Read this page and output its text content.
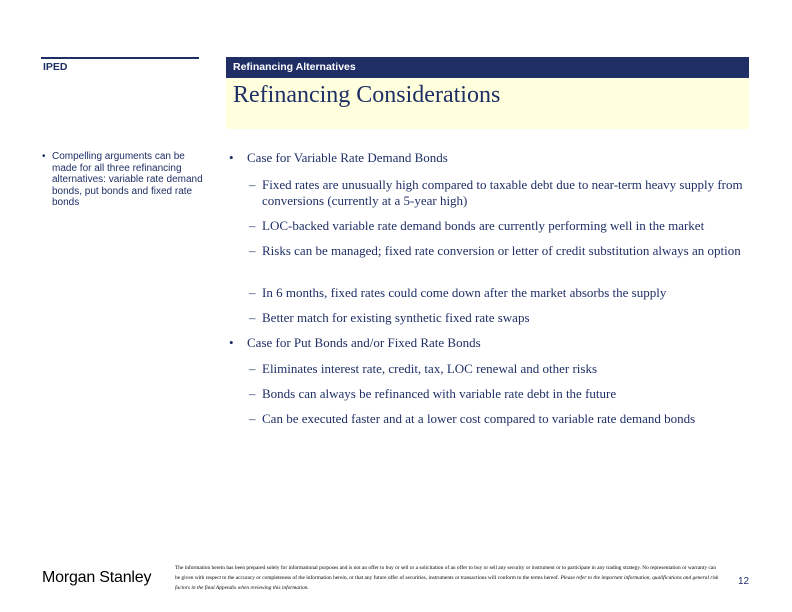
IPED	Refinancing Alternatives
Refinancing Considerations
• Compelling arguments can be made for all three refinancing alternatives: variable rate demand bonds, put bonds and fixed rate bonds
• Case for Variable Rate Demand Bonds
– Fixed rates are unusually high compared to taxable debt due to near-term heavy supply from conversions (currently at a 5-year high)
– LOC-backed variable rate demand bonds are currently performing well in the market
– Risks can be managed; fixed rate conversion or letter of credit substitution always an option
– In 6 months, fixed rates could come down after the market absorbs the supply
– Better match for existing synthetic fixed rate swaps
• Case for Put Bonds and/or Fixed Rate Bonds
– Eliminates interest rate, credit, tax, LOC renewal and other risks
– Bonds can always be refinanced with variable rate debt in the future
– Can be executed faster and at a lower cost compared to variable rate demand bonds
Morgan Stanley
The information herein has been prepared solely for informational purposes and is not an offer to buy or sell or a solicitation of an offer to buy or sell any security or instrument or to participate in any trading strategy. No representation or warranty can be given with respect to the accuracy or completeness of the information herein, or that any future offer of securities, instruments or transactions will conform to the terms hereof. Please refer to the important information, qualifications and general risk factors in the final Appendix when reviewing this information.
12
